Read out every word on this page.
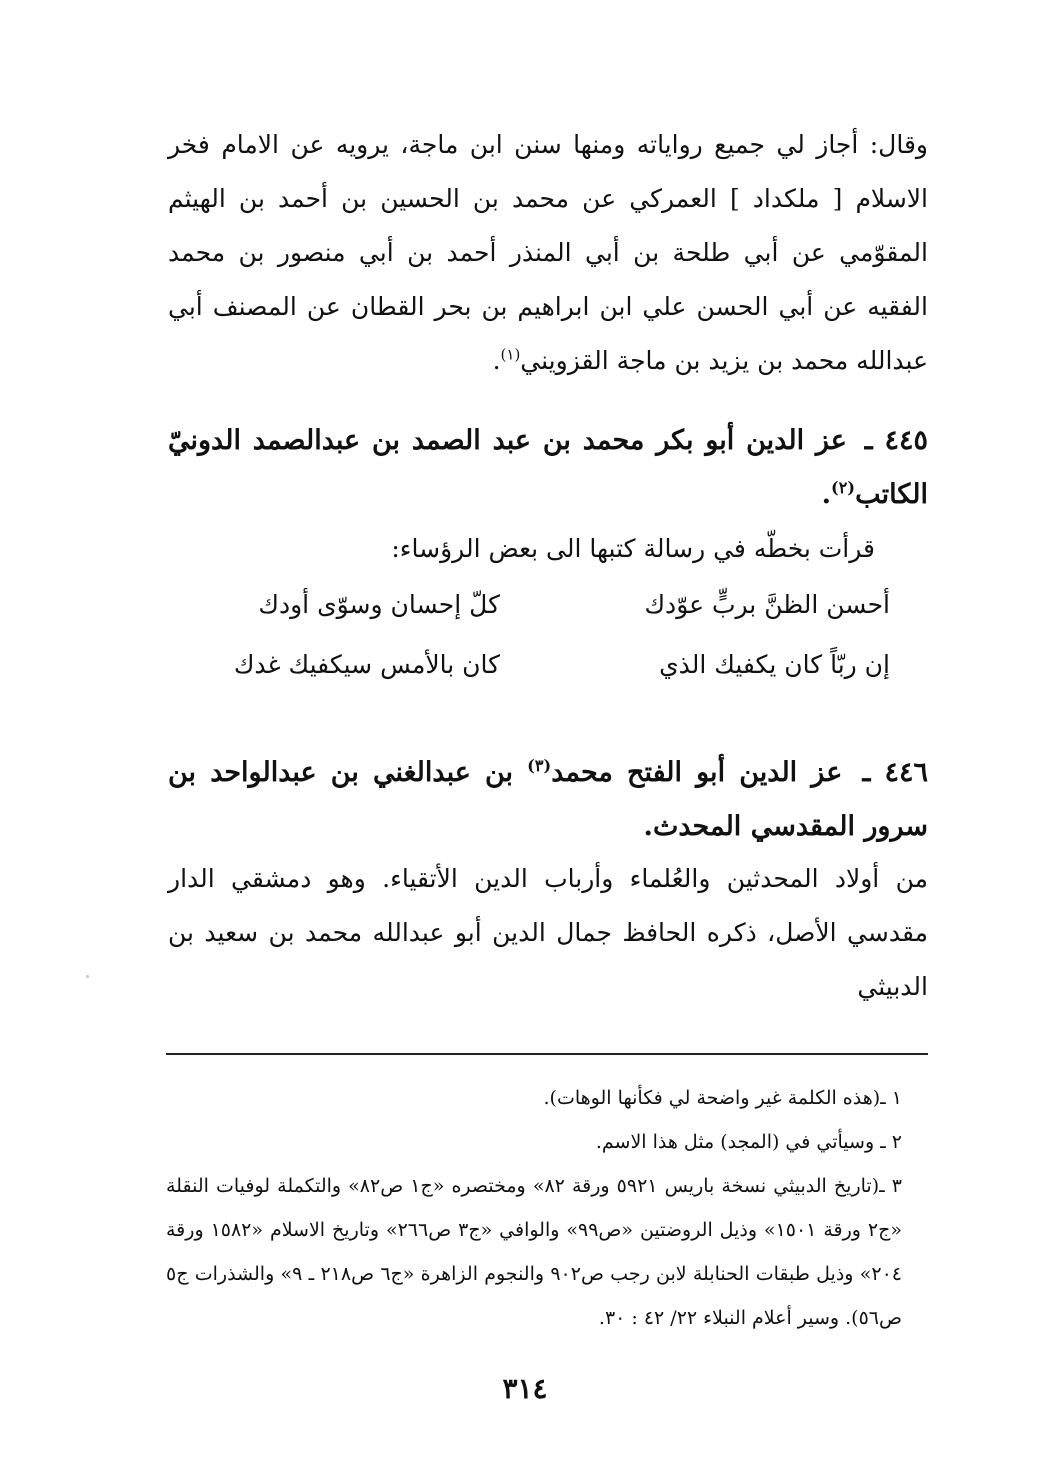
وقال: أجاز لي جميع رواياته ومنها سنن ابن ماجة، يرويه عن الامام فخر الاسلام [ ملكداد ] العمركي عن محمد بن الحسين بن أحمد بن الهيثم المقوّمي عن أبي طلحة بن أبي المنذر أحمد بن أبي منصور بن محمد الفقيه عن أبي الحسن علي ابن ابراهيم بن بحر القطان عن المصنف أبي عبدالله محمد بن يزيد بن ماجة القزويني$^{(١)}$.

٤٤٥ ـ عز الدين أبو بكر محمد بن عبد الصمد بن عبدالصمد الدونيّ الكاتب$^{(٢)}$.
قرأت بخطّه في رسالة كتبها الى بعض الرؤساء:
أحسن الظنَّ بربٍّ عوّدك
كلّ إحسان وسوّى أودك
إن ربّاً كان يكفيك الذي
كان بالأمس سيكفيك غدك
٤٤٦ ـ عز الدين أبو الفتح محمد$^{(٣)}$ بن عبدالغني بن عبدالواحد بن سرور المقدسي المحدث.

من أولاد المحدثين والعُلماء وأرباب الدين الأتقياء. وهو دمشقي الدار مقدسي الأصل، ذكره الحافظ جمال الدين أبو عبدالله محمد بن سعيد بن الدبيثي

١ ـ(هذه الكلمة غير واضحة لي فكأنها الوهات).
٢ ـ وسيأتي في (المجد) مثل هذا الاسم.
٣ ـ(تاريخ الدبيثي نسخة باريس ٥٩٢١ ورقة ٨٢» ومختصره «ج١ ص٨٢» والتكملة لوفيات النقلة «ج٢ ورقة ١٥٠١» وذيل الروضتين «ص٩٩» والوافي «ج٣ ص٢٦٦» وتاريخ الاسلام «١٥٨٢ ورقة ٢٠٤» وذيل طبقات الحنابلة لابن رجب ص٩٠٢ والنجوم الزاهرة «ج٦ ص٢١٨ ـ ٩» والشذرات ج٥ ص٥٦). وسير أعلام النبلاء ٢٢/ ٤٢ : ٣٠.
٣١٤
